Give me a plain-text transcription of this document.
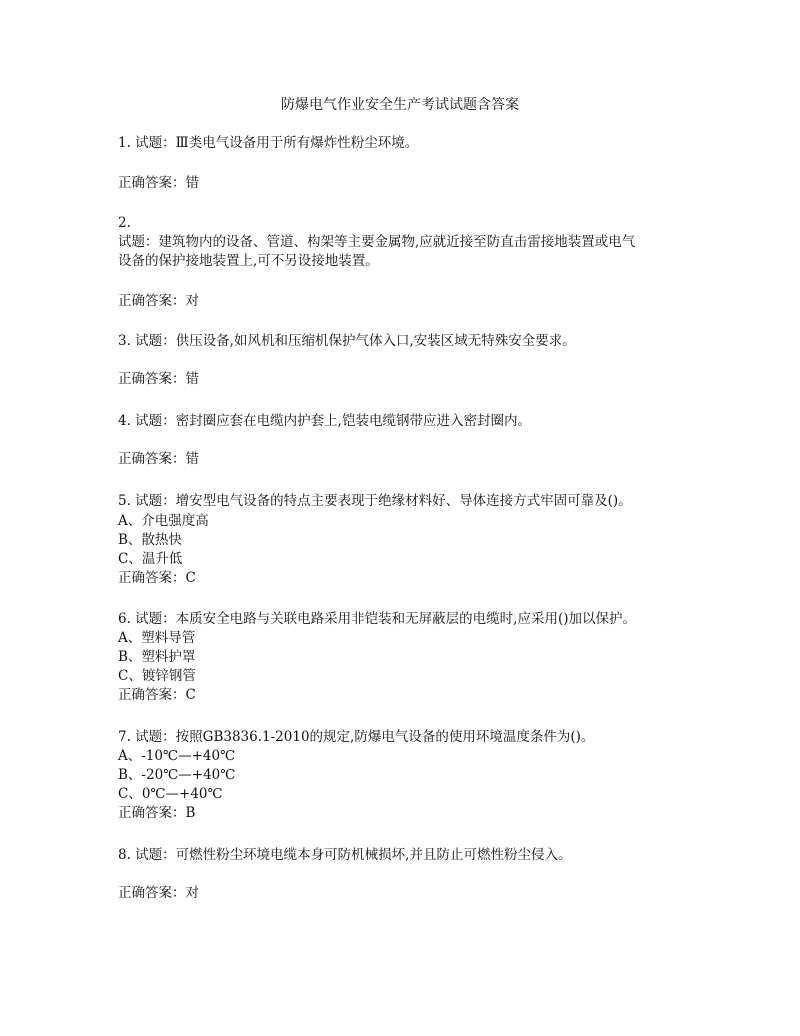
防爆电气作业安全生产考试试题含答案
1. 试题：Ⅲ类电气设备用于所有爆炸性粉尘环境。
正确答案：错
2.
试题：建筑物内的设备、管道、构架等主要金属物,应就近接至防直击雷接地装置或电气
设备的保护接地装置上,可不另设接地装置。
正确答案：对
3. 试题：供压设备,如风机和压缩机保护气体入口,安装区域无特殊安全要求。
正确答案：错
4. 试题：密封圈应套在电缆内护套上,铠装电缆钢带应进入密封圈内。
正确答案：错
5. 试题：增安型电气设备的特点主要表现于绝缘材料好、导体连接方式牢固可靠及()。
A、介电强度高
B、散热快
C、温升低
正确答案：C
6. 试题：本质安全电路与关联电路采用非铠装和无屏蔽层的电缆时,应采用()加以保护。
A、塑料导管
B、塑料护罩
C、镀锌钢管
正确答案：C
7. 试题：按照GB3836.1-2010的规定,防爆电气设备的使用环境温度条件为()。
A、-10℃—+40℃
B、-20℃—+40℃
C、0℃—+40℃
正确答案：B
8. 试题：可燃性粉尘环境电缆本身可防机械损坏,并且防止可燃性粉尘侵入。
正确答案：对
